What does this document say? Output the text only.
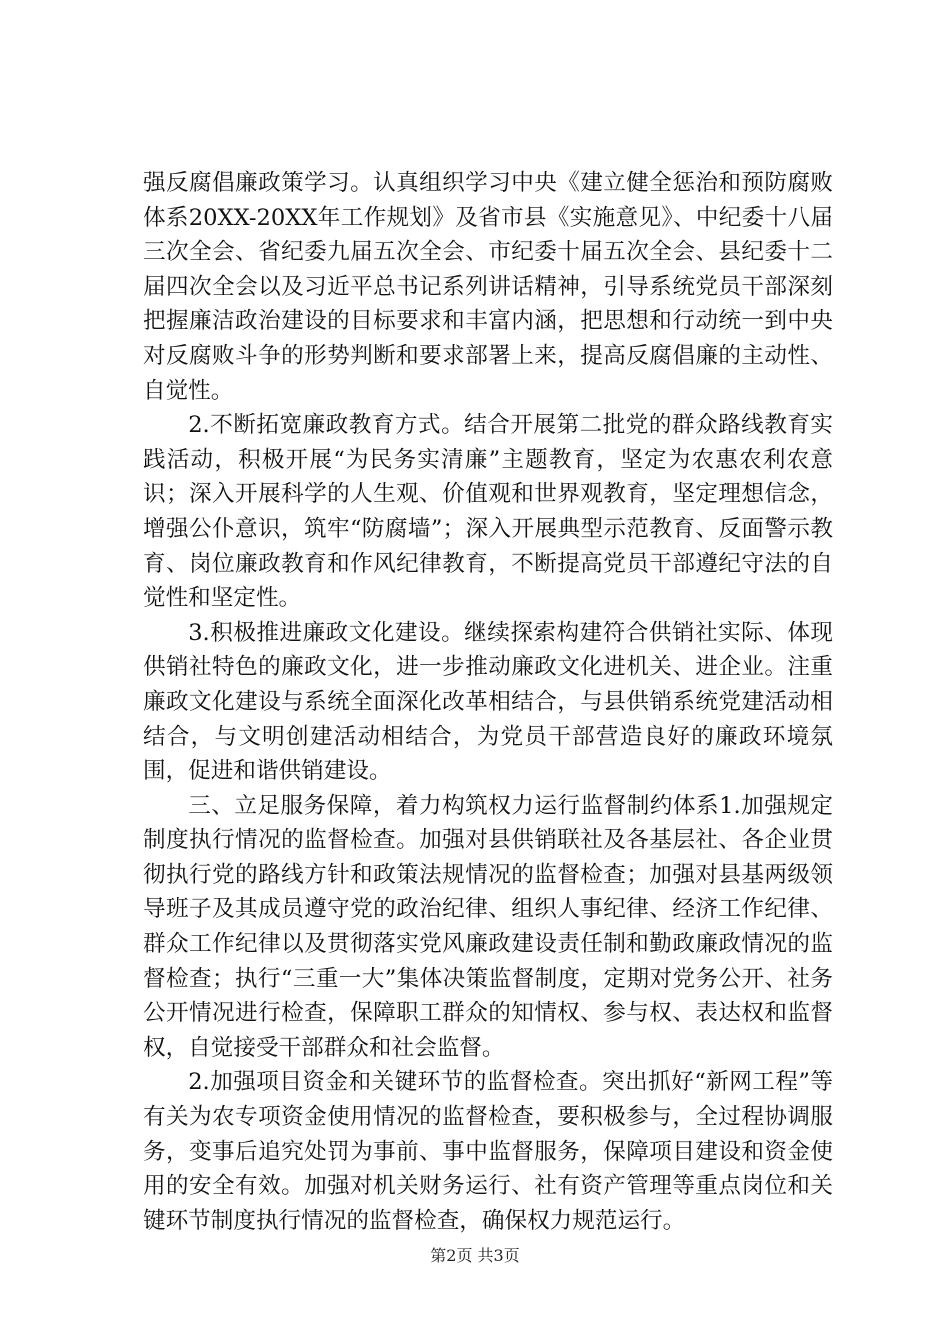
强反腐倡廉政策学习。认真组织学习中央《建立健全惩治和预防腐败体系20XX-20XX年工作规划》及省市县《实施意见》、中纪委十八届三次全会、省纪委九届五次全会、市纪委十届五次全会、县纪委十二届四次全会以及习近平总书记系列讲话精神，引导系统党员干部深刻把握廉洁政治建设的目标要求和丰富内涵，把思想和行动统一到中央对反腐败斗争的形势判断和要求部署上来，提高反腐倡廉的主动性、自觉性。

2.不断拓宽廉政教育方式。结合开展第二批党的群众路线教育实践活动，积极开展“为民务实清廉”主题教育，坚定为农惠农利农意识；深入开展科学的人生观、价值观和世界观教育，坚定理想信念，增强公仆意识，筑牢“防腐墙”；深入开展典型示范教育、反面警示教育、岗位廉政教育和作风纪律教育，不断提高党员干部遵纪守法的自觉性和坚定性。

3.积极推进廉政文化建设。继续探索构建符合供销社实际、体现供销社特色的廉政文化，进一步推动廉政文化进机关、进企业。注重廉政文化建设与系统全面深化改革相结合，与县供销系统党建活动相结合，与文明创建活动相结合，为党员干部营造良好的廉政环境氛围，促进和谐供销建设。

三、立足服务保障，着力构筑权力运行监督制约体系1.加强规定制度执行情况的监督检查。加强对县供销联社及各基层社、各企业贯彻执行党的路线方针和政策法规情况的监督检查；加强对县基两级领导班子及其成员遵守党的政治纪律、组织人事纪律、经济工作纪律、群众工作纪律以及贯彻落实党风廉政建设责任制和勤政廉政情况的监督检查；执行“三重一大”集体决策监督制度，定期对党务公开、社务公开情况进行检查，保障职工群众的知情权、参与权、表达权和监督权，自觉接受干部群众和社会监督。

2.加强项目资金和关键环节的监督检查。突出抓好“新网工程”等有关为农专项资金使用情况的监督检查，要积极参与，全过程协调服务，变事后追究处罚为事前、事中监督服务，保障项目建设和资金使用的安全有效。加强对机关财务运行、社有资产管理等重点岗位和关键环节制度执行情况的监督检查，确保权力规范运行。

第2页 共3页
